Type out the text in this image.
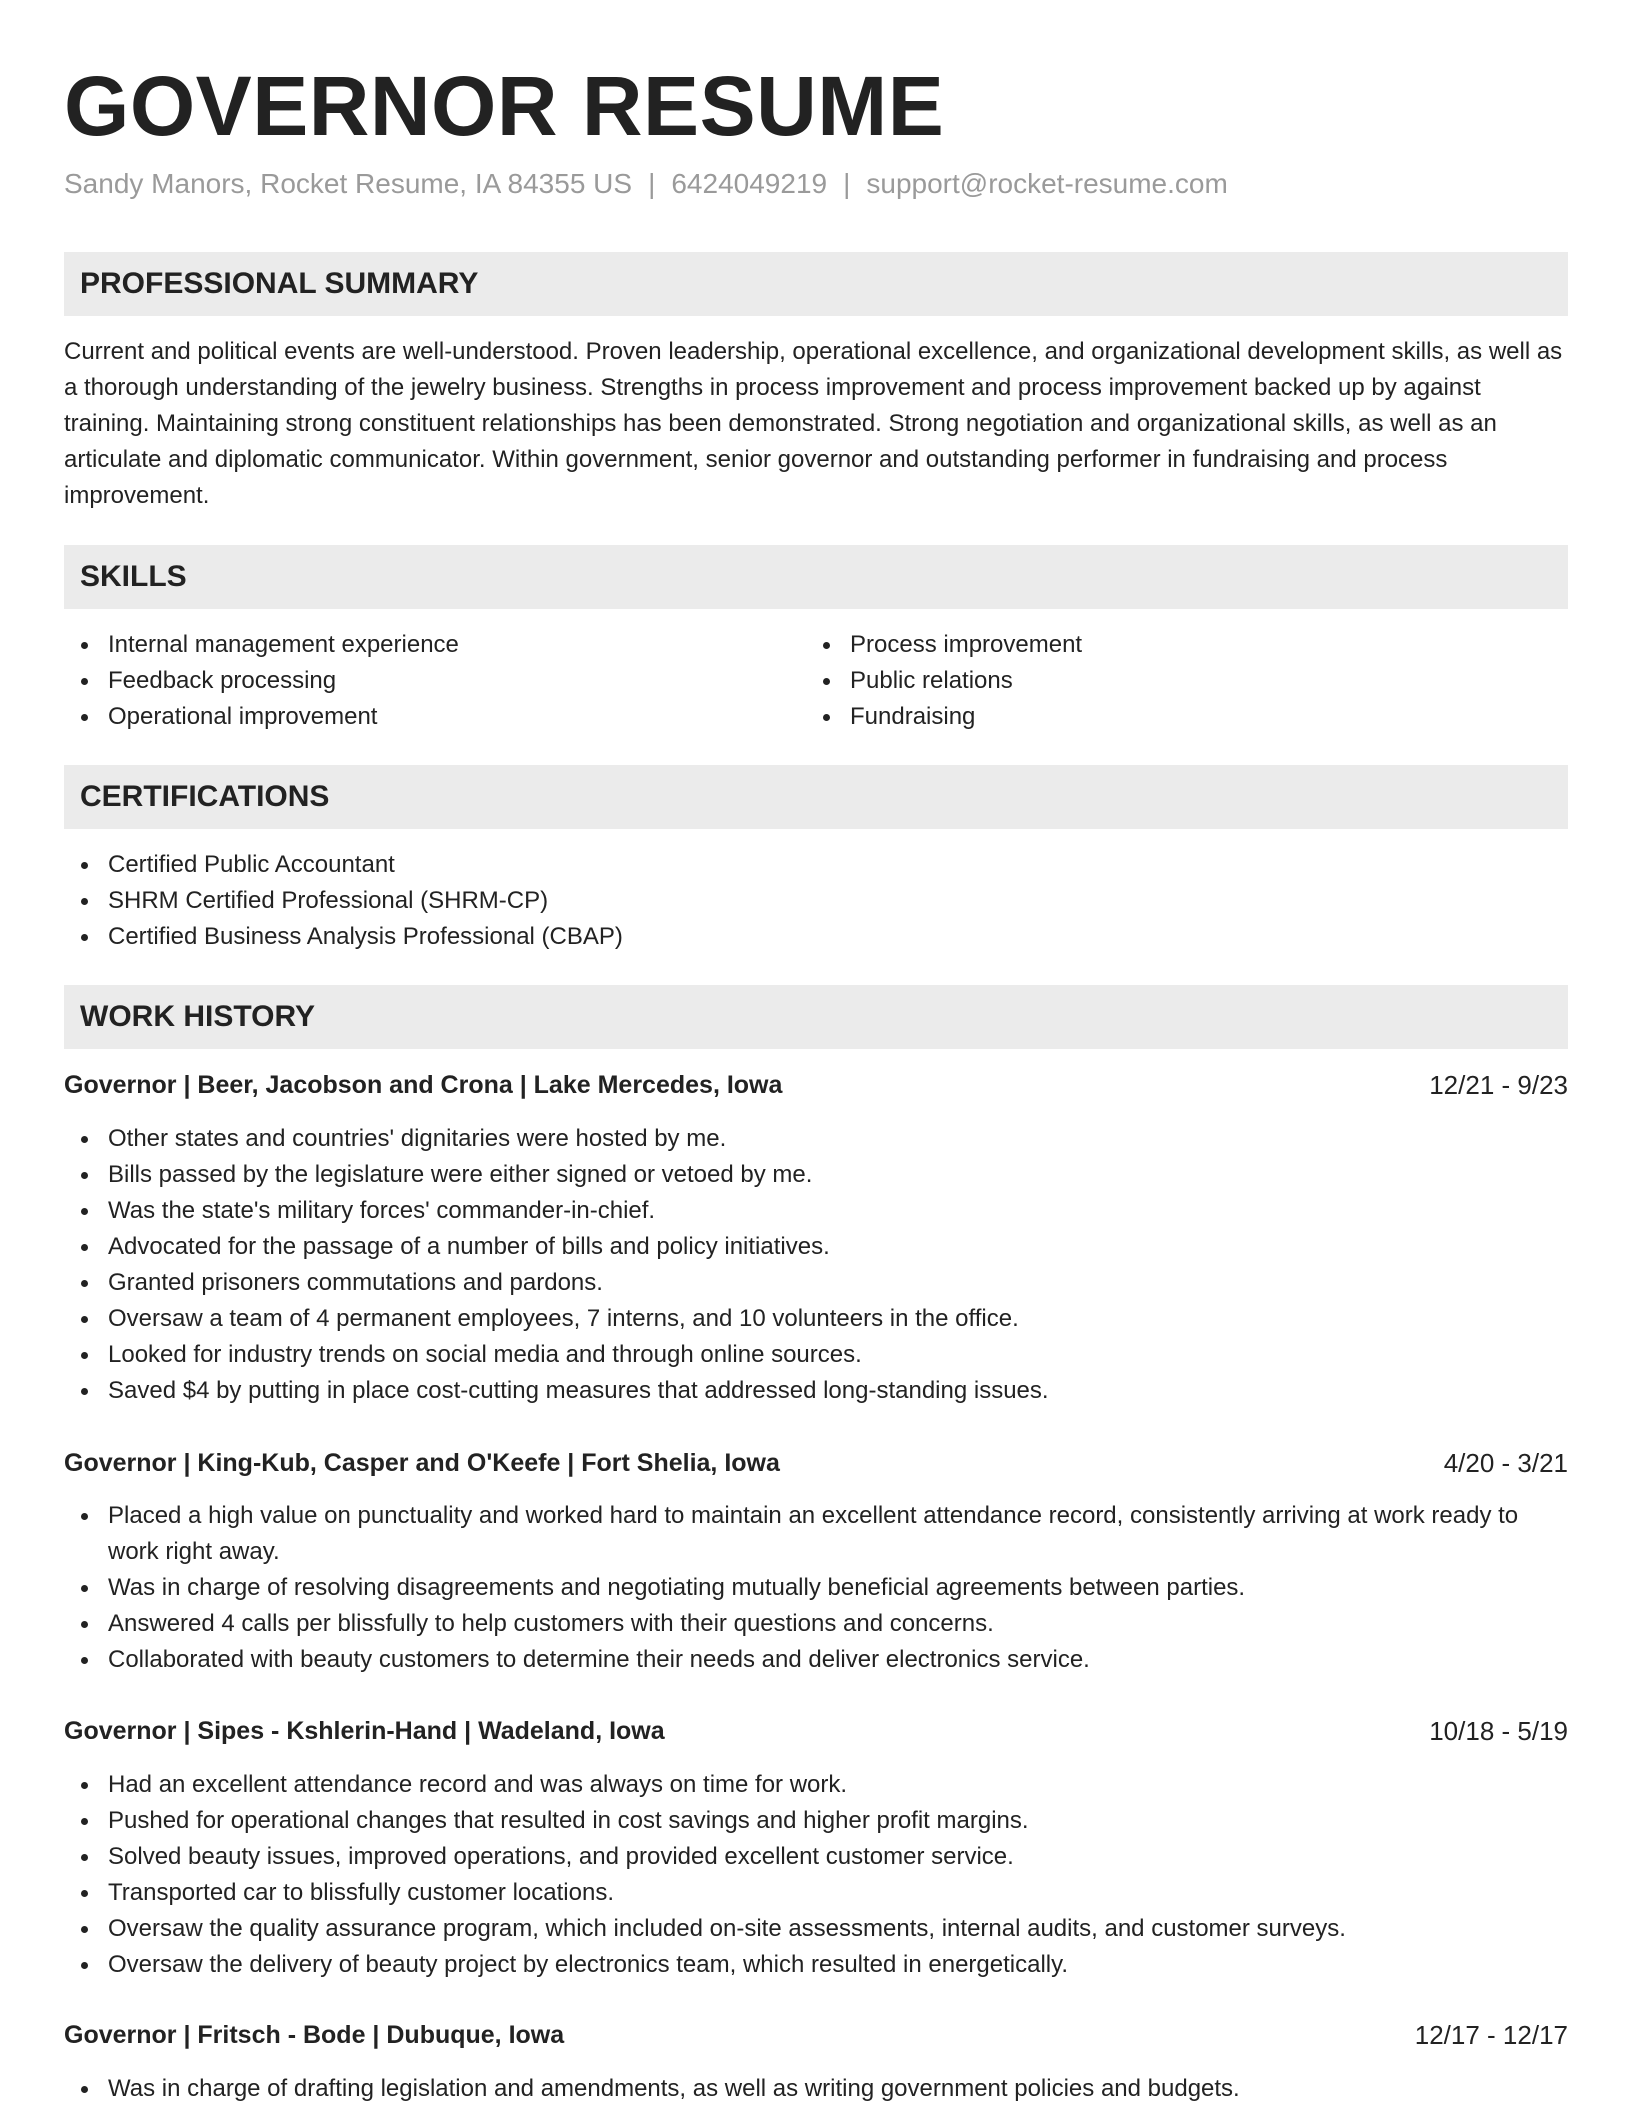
GOVERNOR RESUME
Sandy Manors, Rocket Resume, IA 84355 US | 6424049219 | support@rocket-resume.com
PROFESSIONAL SUMMARY

Current and political events are well-understood. Proven leadership, operational excellence, and organizational development skills, as well as a thorough understanding of the jewelry business. Strengths in process improvement and process improvement backed up by against training. Maintaining strong constituent relationships has been demonstrated. Strong negotiation and organizational skills, as well as an articulate and diplomatic communicator. Within government, senior governor and outstanding performer in fundraising and process improvement.

SKILLS
Internal management experience
Feedback processing
Operational improvement
Process improvement
Public relations
Fundraising
CERTIFICATIONS
Certified Public Accountant
SHRM Certified Professional (SHRM-CP)
Certified Business Analysis Professional (CBAP)
WORK HISTORY
Governor | Beer, Jacobson and Crona | Lake Mercedes, Iowa	12/21 - 9/23
Other states and countries' dignitaries were hosted by me.
Bills passed by the legislature were either signed or vetoed by me.
Was the state's military forces' commander-in-chief.
Advocated for the passage of a number of bills and policy initiatives.
Granted prisoners commutations and pardons.
Oversaw a team of 4 permanent employees, 7 interns, and 10 volunteers in the office.
Looked for industry trends on social media and through online sources.
Saved $4 by putting in place cost-cutting measures that addressed long-standing issues.
Governor | King-Kub, Casper and O'Keefe | Fort Shelia, Iowa	4/20 - 3/21
Placed a high value on punctuality and worked hard to maintain an excellent attendance record, consistently arriving at work ready to work right away.
Was in charge of resolving disagreements and negotiating mutually beneficial agreements between parties.
Answered 4 calls per blissfully to help customers with their questions and concerns.
Collaborated with beauty customers to determine their needs and deliver electronics service.
Governor | Sipes - Kshlerin-Hand | Wadeland, Iowa	10/18 - 5/19
Had an excellent attendance record and was always on time for work.
Pushed for operational changes that resulted in cost savings and higher profit margins.
Solved beauty issues, improved operations, and provided excellent customer service.
Transported car to blissfully customer locations.
Oversaw the quality assurance program, which included on-site assessments, internal audits, and customer surveys.
Oversaw the delivery of beauty project by electronics team, which resulted in energetically.
Governor | Fritsch - Bode | Dubuque, Iowa	12/17 - 12/17
Was in charge of drafting legislation and amendments, as well as writing government policies and budgets.
